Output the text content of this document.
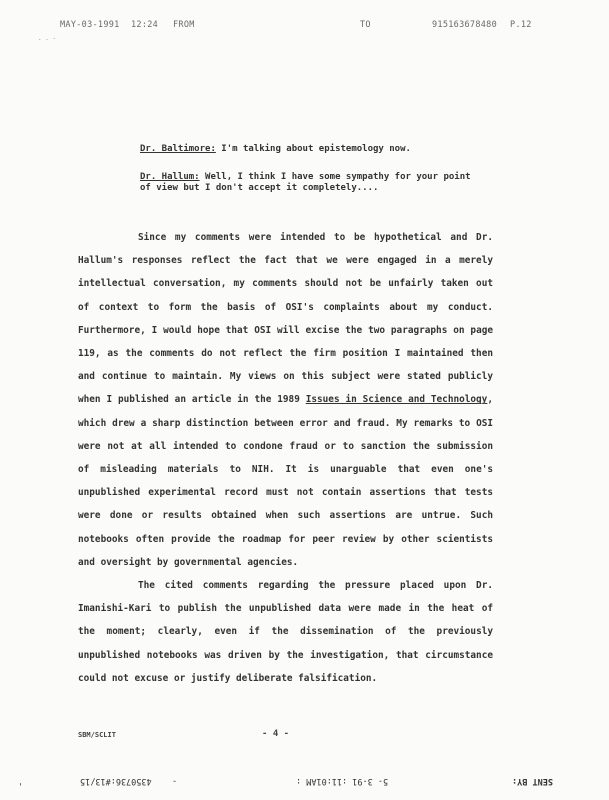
MAY-03-1991 12:24 FROM	TO	915163678480 P.12
. . -
Dr. Baltimore: I'm talking about epistemology now.
Dr. Hallum: Well, I think I have some sympathy for your point of view but I don't accept it completely....

Since my comments were intended to be hypothetical and Dr. Hallum's responses reflect the fact that we were engaged in a merely intellectual conversation, my comments should not be unfairly taken out of context to form the basis of OSI's complaints about my conduct. Furthermore, I would hope that OSI will excise the two paragraphs on page 119, as the comments do not reflect the firm position I maintained then and continue to maintain. My views on this subject were stated publicly when I published an article in the 1989 Issues in Science and Technology, which drew a sharp distinction between error and fraud. My remarks to OSI were not at all intended to condone fraud or to sanction the submission of misleading materials to NIH. It is unarguable that even one's unpublished experimental record must not contain assertions that tests were done or results obtained when such assertions are untrue. Such notebooks often provide the roadmap for peer review by other scientists and oversight by governmental agencies.

The cited comments regarding the pressure placed upon Dr. Imanishi-Kari to publish the unpublished data were made in the heat of the moment; clearly, even if the dissemination of the previously unpublished notebooks was driven by the investigation, that circumstance could not excuse or justify deliberate falsification.

SBM/SCLIT	- 4 -
'	4350736:#13/15 -	5- 3-91 :11:01AM :	SENT BY:
